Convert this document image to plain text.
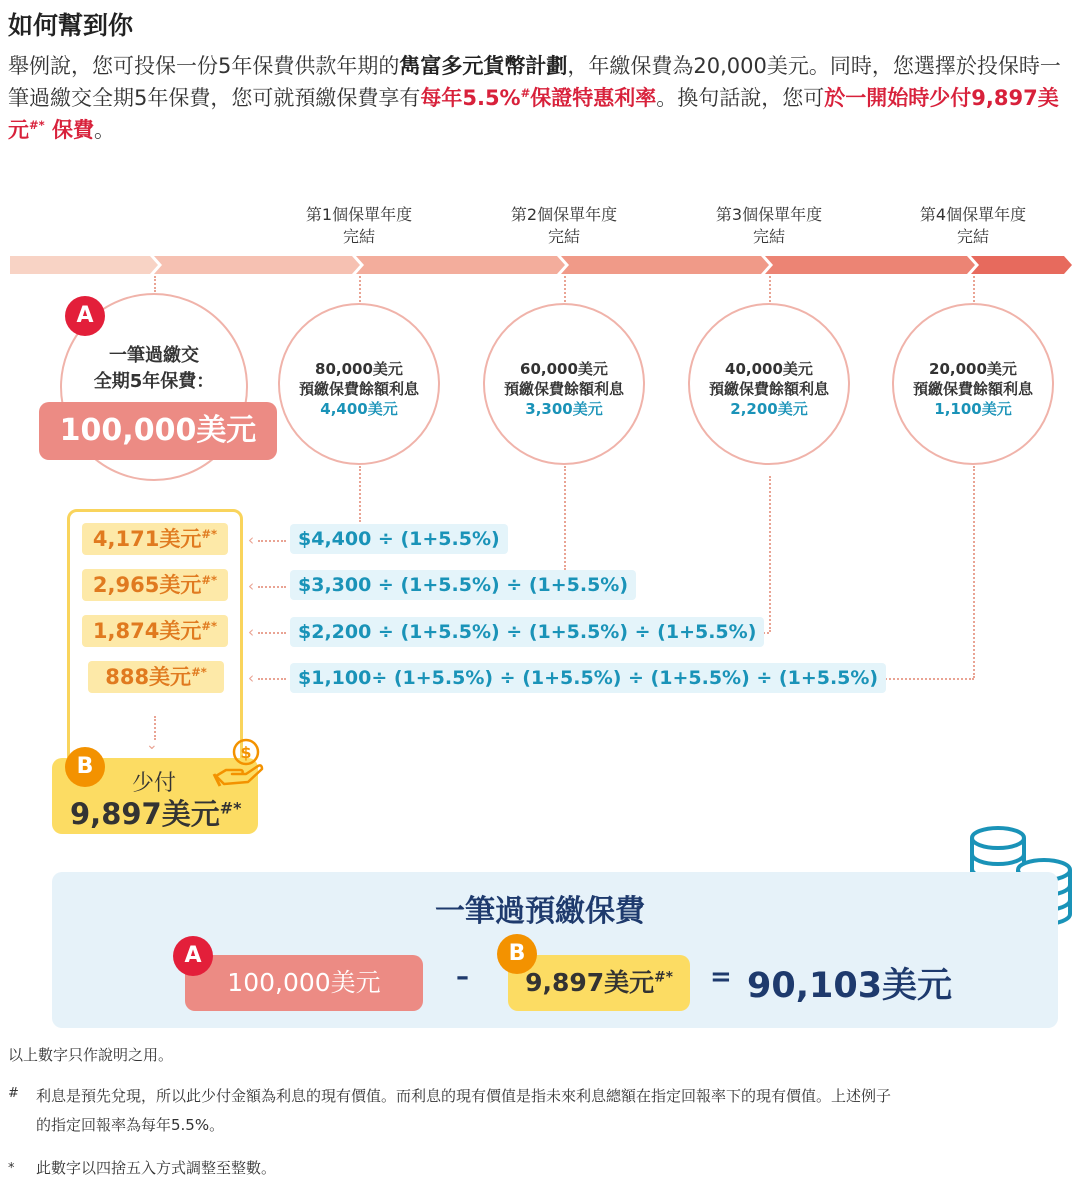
如何幫到你
舉例說，您可投保一份5年保費供款年期的雋富多元貨幣計劃，年繳保費為20,000美元。同時，您選擇於投保時一筆過繳交全期5年保費，您可就預繳保費享有每年5.5%#保證特惠利率。換句話說，您可於一開始時少付9,897美元#* 保費。
第1個保單年度
完結
第2個保單年度
完結
第3個保單年度
完結
第4個保單年度
完結
一筆過繳交
全期5年保費：
A
100,000美元
80,000美元
預繳保費餘額利息
4,400美元
60,000美元
預繳保費餘額利息
3,300美元
40,000美元
預繳保費餘額利息
2,200美元
20,000美元
預繳保費餘額利息
1,100美元
4,171美元#*
2,965美元#*
1,874美元#*
888美元#*
‹
‹
‹
‹
$4,400 ÷ (1+5.5%)
$3,300 ÷ (1+5.5%) ÷ (1+5.5%)
$2,200 ÷ (1+5.5%) ÷ (1+5.5%) ÷ (1+5.5%)
$1,100÷ (1+5.5%) ÷ (1+5.5%) ÷ (1+5.5%) ÷ (1+5.5%)
⌄
少付
9,897美元#*
B
$
一筆過預繳保費
100,000美元
A
–	9,897美元#*
B
= 90,103美元
以上數字只作說明之用。
# 利息是預先兌現，所以此少付金額為利息的現有價值。而利息的現有價值是指未來利息總額在指定回報率下的現有價值。上述例子
的指定回報率為每年5.5%。
* 此數字以四捨五入方式調整至整數。
